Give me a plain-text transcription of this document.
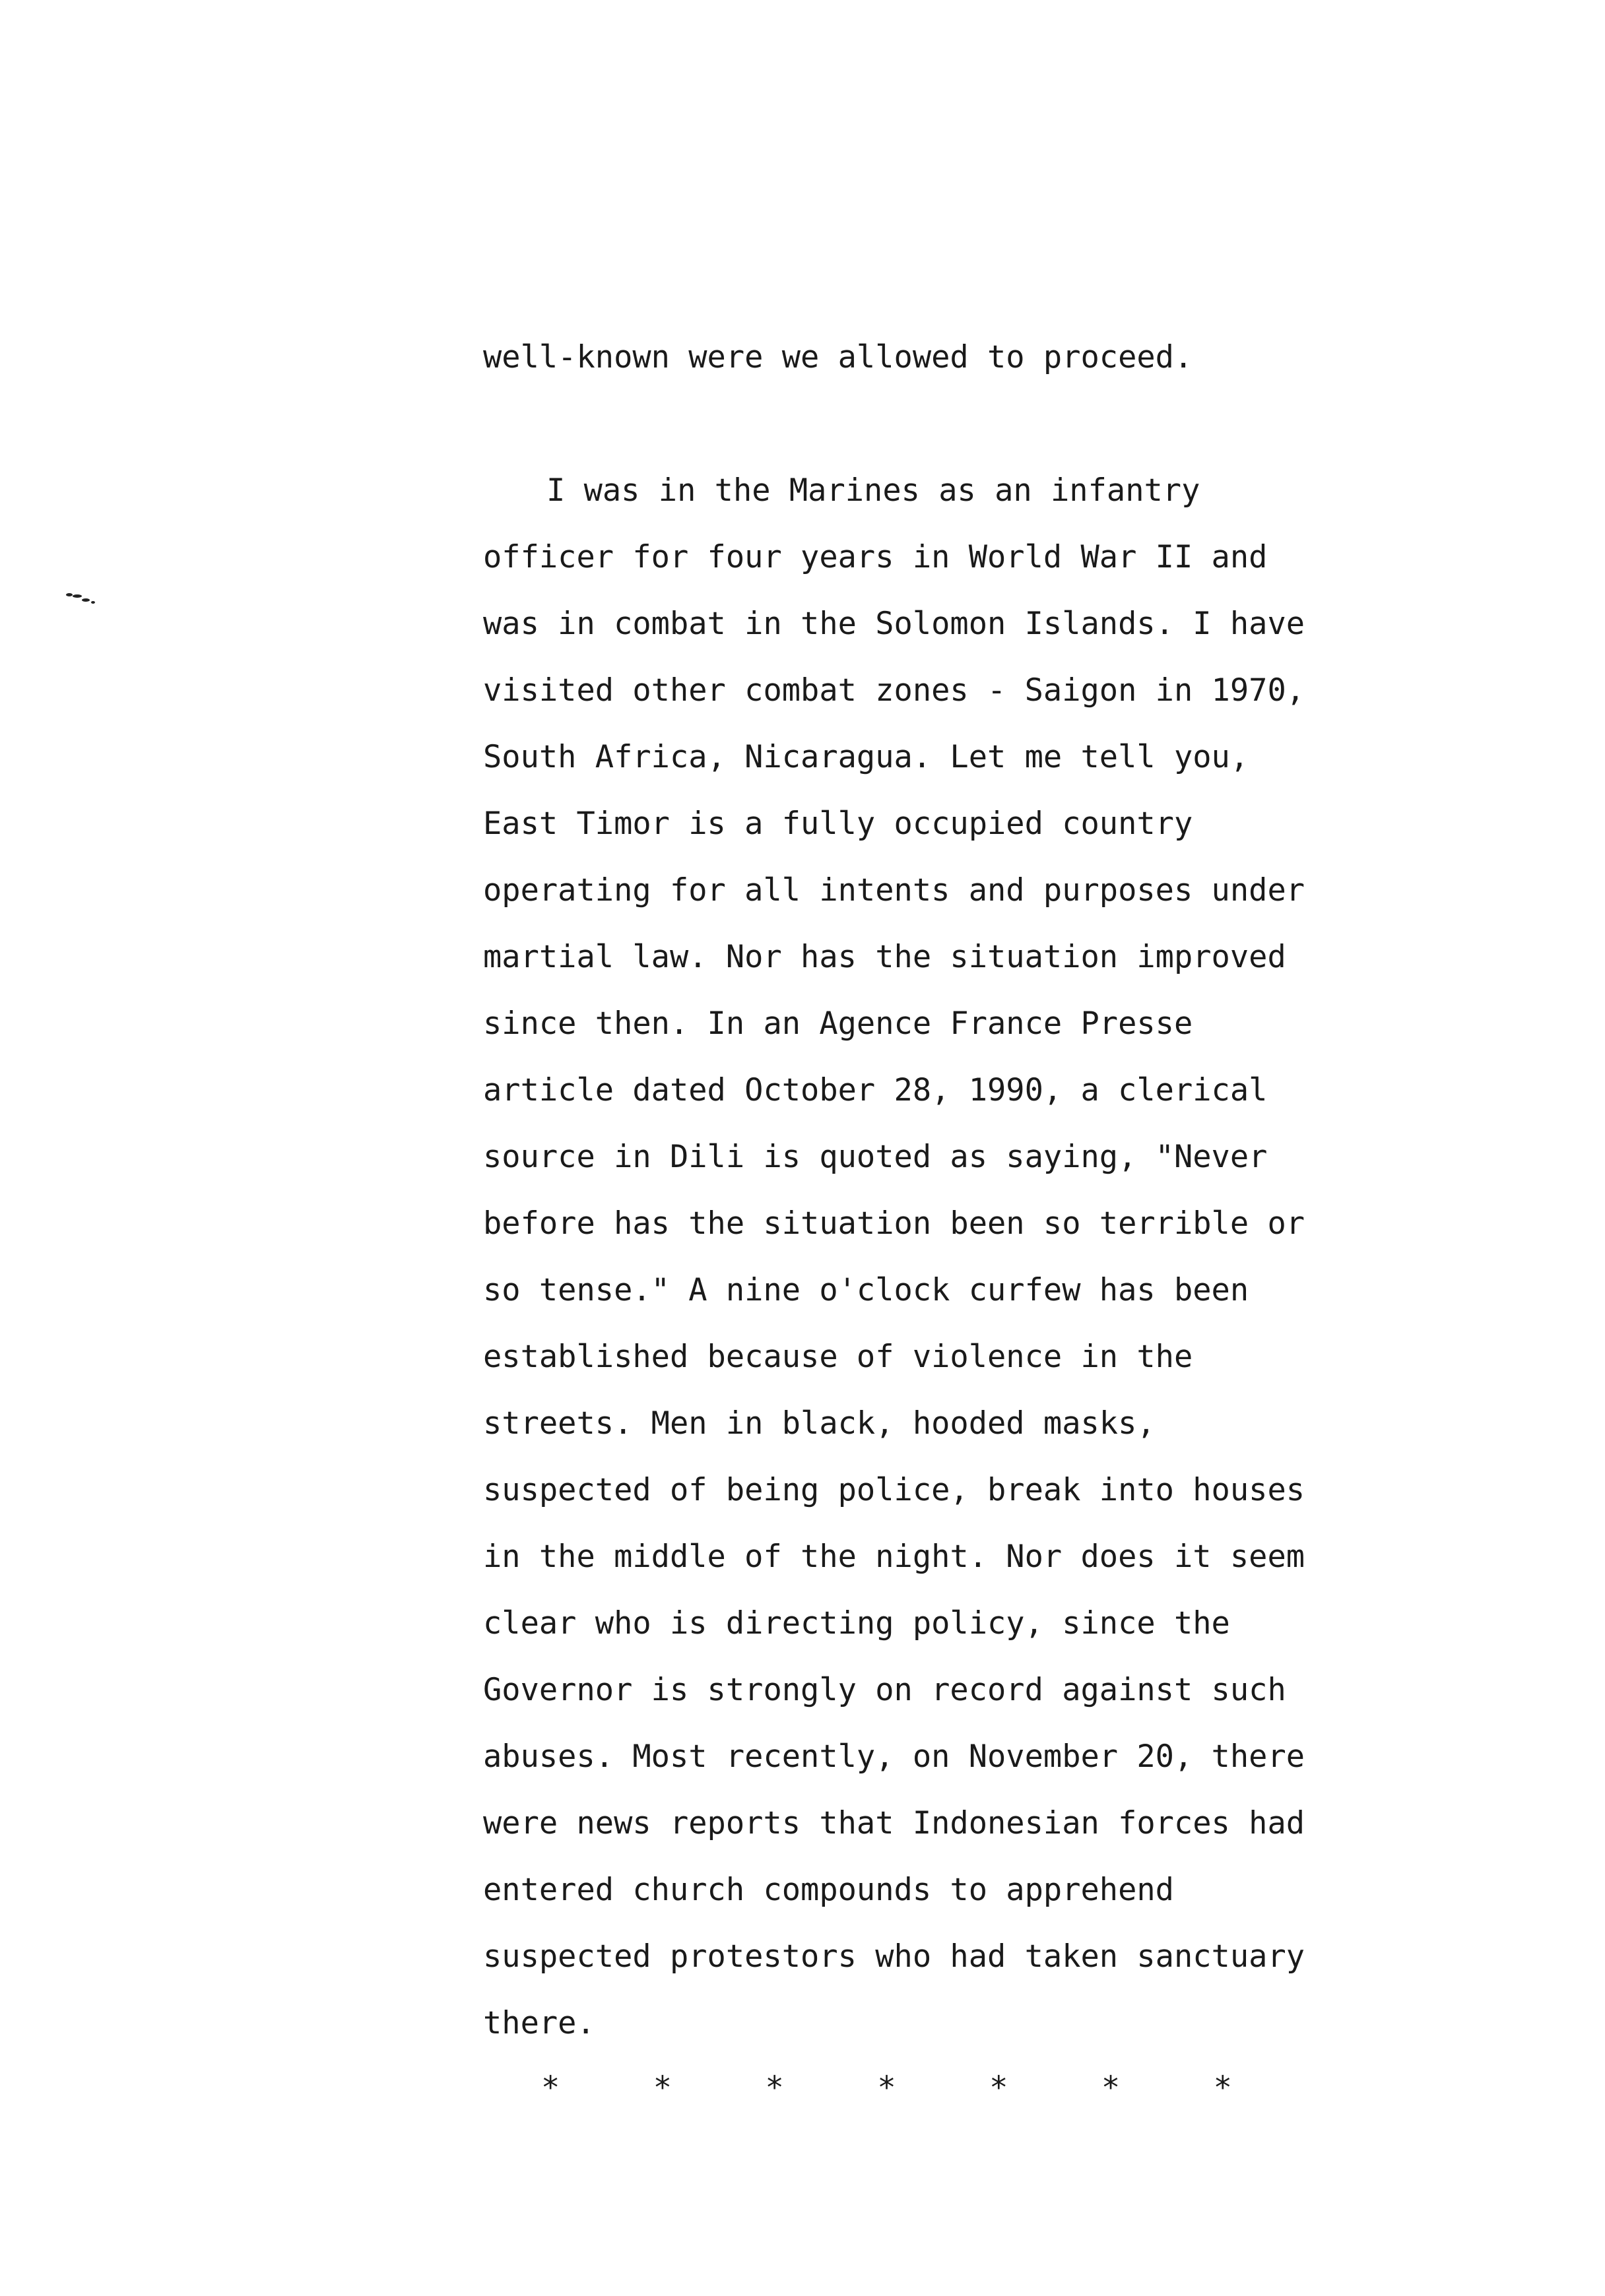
well-known were we allowed to proceed.
I was in the Marines as an infantry
officer for four years in World War II and
was in combat in the Solomon Islands. I have
visited other combat zones - Saigon in 1970,
South Africa, Nicaragua. Let me tell you,
East Timor is a fully occupied country
operating for all intents and purposes under
martial law. Nor has the situation improved
since then. In an Agence France Presse
article dated October 28, 1990, a clerical
source in Dili is quoted as saying, "Never
before has the situation been so terrible or
so tense." A nine o'clock curfew has been
established because of violence in the
streets. Men in black, hooded masks,
suspected of being police, break into houses
in the middle of the night. Nor does it seem
clear who is directing policy, since the
Governor is strongly on record against such
abuses. Most recently, on November 20, there
were news reports that Indonesian forces had
entered church compounds to apprehend
suspected protestors who had taken sanctuary
there.
*     *     *     *     *     *     *
